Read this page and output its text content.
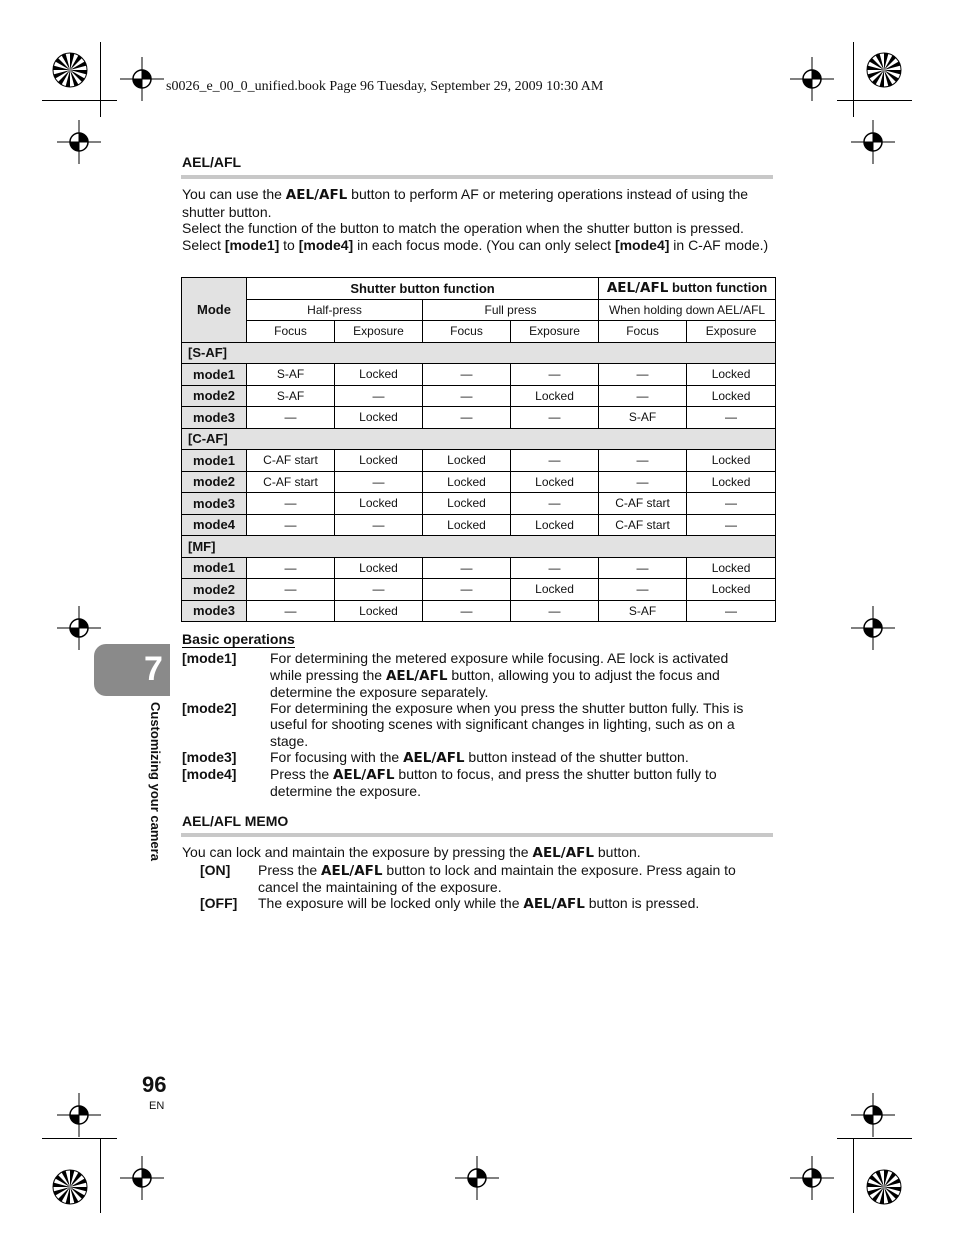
s0026_e_00_0_unified.book Page 96 Tuesday, September 29, 2009 10:30 AM
AEL/AFL
You can use the AEL/AFL button to perform AF or metering operations instead of using the shutter button.
Select the function of the button to match the operation when the shutter button is pressed.
Select [mode1] to [mode4] in each focus mode. (You can only select [mode4] in C-AF mode.)
Mode	Shutter button function				AEL/AFL button function	
	Half-press		Full press		When holding down AEL/AFL	
	Focus	Exposure	Focus	Exposure	Focus	Exposure
[S-AF]						
mode1	S-AF	Locked	—	—	—	Locked
mode2	S-AF	—	—	Locked	—	Locked
mode3	—	Locked	—	—	S-AF	—
[C-AF]						
mode1	C-AF start	Locked	Locked	—	—	Locked
mode2	C-AF start	—	Locked	Locked	—	Locked
mode3	—	Locked	Locked	—	C-AF start	—
mode4	—	—	Locked	Locked	C-AF start	—
[MF]						
mode1	—	Locked	—	—	—	Locked
mode2	—	—	—	Locked	—	Locked
mode3	—	Locked	—	—	S-AF	—
Basic operations
[mode1] For determining the metered exposure while focusing. AE lock is activated
while pressing the AEL/AFL button, allowing you to adjust the focus and
determine the exposure separately.
[mode2] For determining the exposure when you press the shutter button fully. This is
useful for shooting scenes with significant changes in lighting, such as on a
stage.
[mode3] For focusing with the AEL/AFL button instead of the shutter button.
[mode4] Press the AEL/AFL button to focus, and press the shutter button fully to
determine the exposure.
AEL/AFL MEMO
You can lock and maintain the exposure by pressing the AEL/AFL button.
[ON] Press the AEL/AFL button to lock and maintain the exposure. Press again to
cancel the maintaining of the exposure.
[OFF] The exposure will be locked only while the AEL/AFL button is pressed.
7
Customizing your camera
96
EN
